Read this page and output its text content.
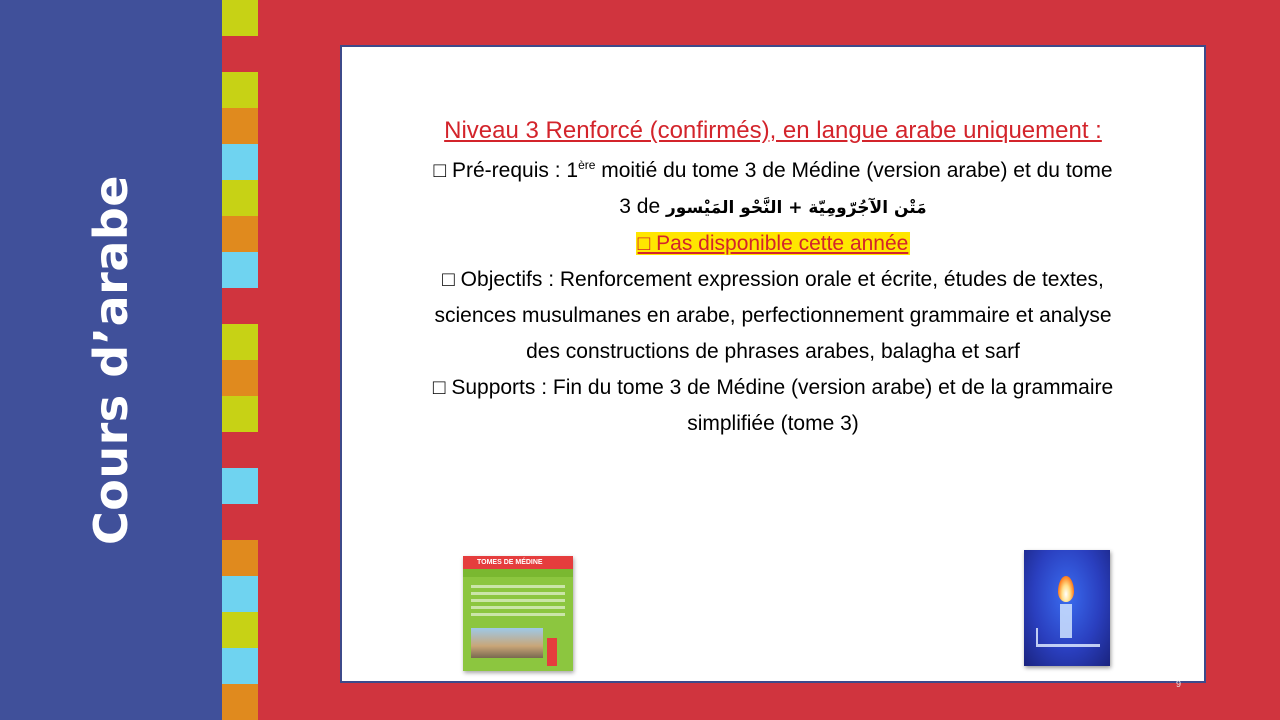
Cours d’arabe
Niveau 3 Renforcé (confirmés), en langue arabe uniquement :
□ Pré-requis : 1ère moitié du tome 3 de Médine (version arabe) et du tome
3 de مَتْن الآجُرّومِيّة + النَّحْو المَيْسور
□ Pas disponible cette année
□ Objectifs : Renforcement expression orale et écrite, études de textes,
sciences musulmanes en arabe, perfectionnement grammaire et analyse
des constructions de phrases arabes, balagha et sarf
□ Supports : Fin du tome 3 de Médine (version arabe) et de la grammaire
simplifiée (tome 3)
TOMES DE MÉDINE
9
